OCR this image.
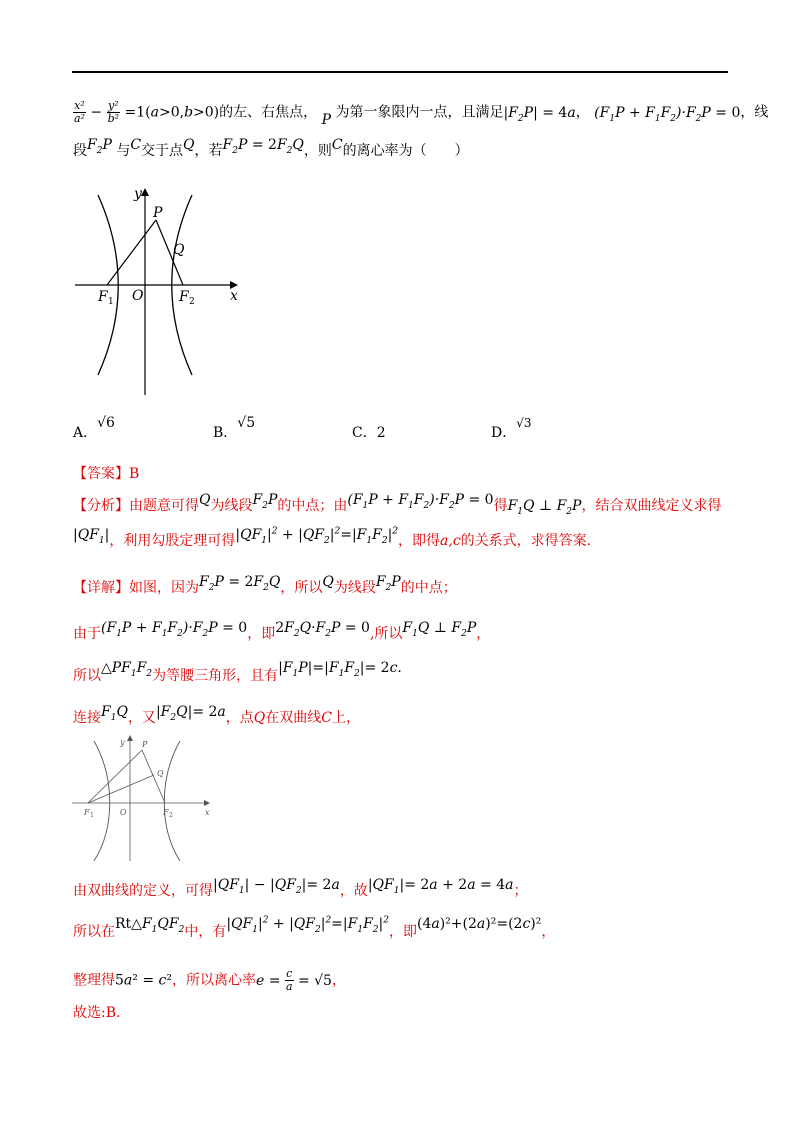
$\frac{\text{x²}}{\text{a²}} - \frac{\text{y²}}{\text{b²}} =1(a>0,b>0)$的左、右焦点， P 为第一象限内一点，且满足$|F_2P| = 4a$， $(F_1P + F_1F_2)\cdot F_2P = 0$，线
段$F_2P$ 与C交于点Q，若$F_2P = 2F_2Q$，则C的离心率为（　　）
y
P
Q
O	x
F 1	F 2
A．√6
B．√5
C．2	D．√3
【答案】B
【分析】由题意可得Q为线段$F_2P$的中点；由$(F_1P + F_1F_2)\cdot F_2P = 0$得$F_1Q$ ⊥ $F_2P$，结合双曲线定义求得
$|QF_1|$，利用勾股定理可得$|QF_1|^2 + |QF_2|^2=|F_1F_2|^2$，即得a,c的关系式，求得答案.
【详解】如图，因为$F_2P = 2F_2Q$，所以Q为线段$F_2P$的中点；
由于$(F_1P + F_1F_2)\cdot F_2P = 0$，即$2F_2Q\cdot F_2P = 0$,所以$F_1Q$ ⊥ $F_2P$，
所以$\triangle PF_1F_2$为等腰三角形，且有$|F_1P|=|F_1F_2|= 2c$.
连接$F_1Q$，又$|F_2Q|= 2a$，点Q在双曲线C上，
y P
Q
O	x
F 1	F 2
由双曲线的定义，可得$|QF_1| - |QF_2|= 2a$，故$|QF_1|= 2a + 2a = 4a$；
所以在$Rt\triangle F_1QF_2$中，有$|QF_1|^2 + |QF_2|^2=|F_1F_2|^2$，即(4a)²+(2a)²=(2c)²，
整理得5a² = c²，所以离心率$e = \frac{c}{a} = √5$，
故选:B.
